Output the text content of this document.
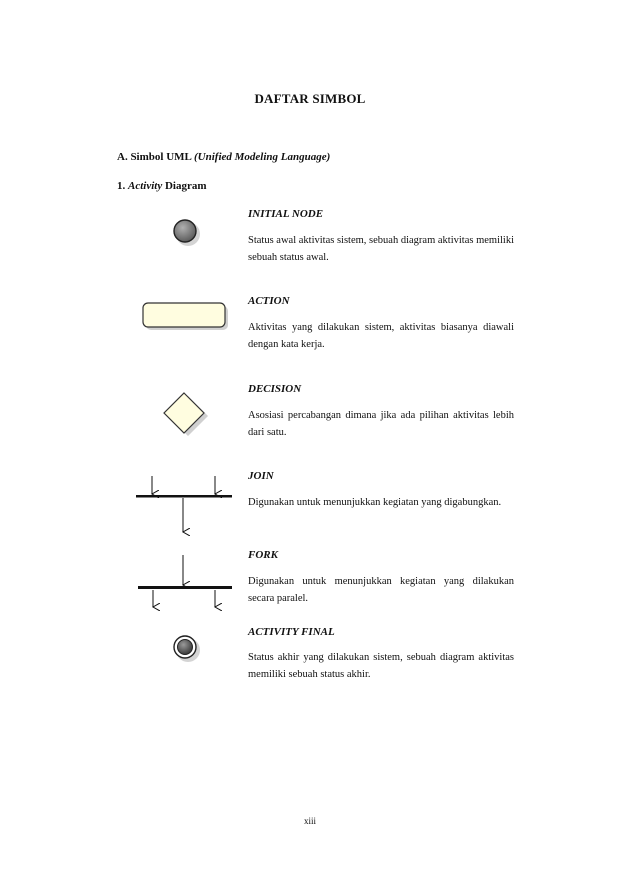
DAFTAR SIMBOL
A. Simbol UML (Unified Modeling Language)
1. Activity Diagram
INITIAL NODE
Status awal aktivitas sistem, sebuah diagram aktivitas memiliki sebuah status awal.
ACTION
Aktivitas yang dilakukan sistem, aktivitas biasanya diawali dengan kata kerja.
DECISION
Asosiasi percabangan dimana jika ada pilihan aktivitas lebih dari satu.
JOIN
Digunakan untuk menunjukkan kegiatan yang digabungkan.
FORK
Digunakan untuk menunjukkan kegiatan yang dilakukan secara paralel.
ACTIVITY FINAL
Status akhir yang dilakukan sistem, sebuah diagram aktivitas memiliki sebuah status akhir.
xiii
